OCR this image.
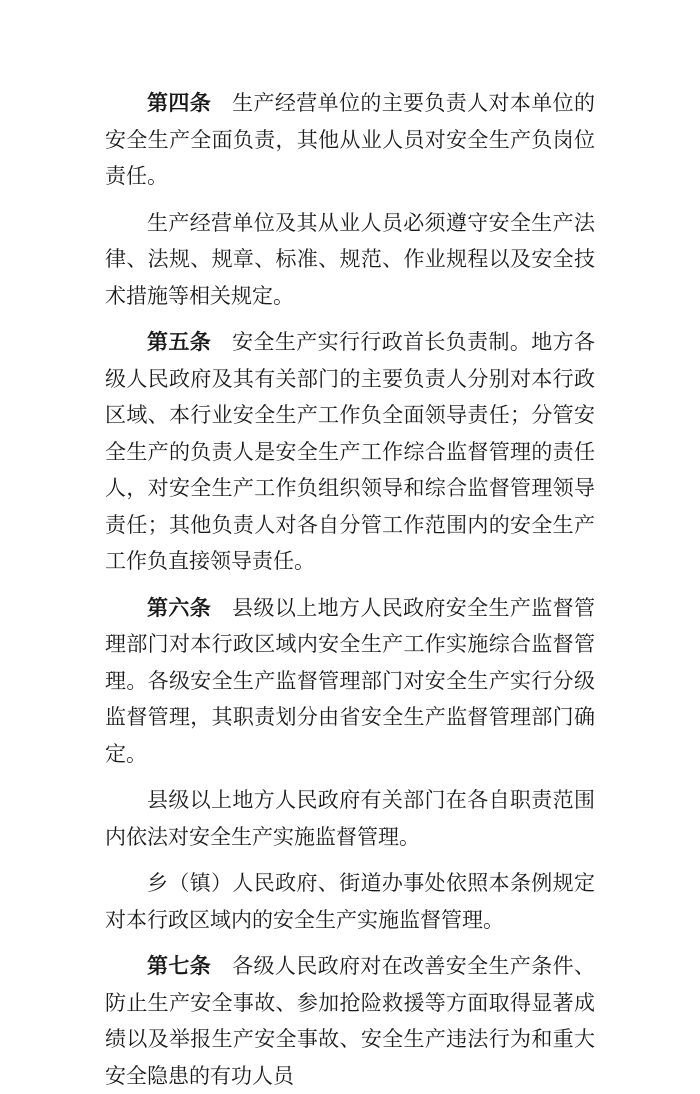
第四条 生产经营单位的主要负责人对本单位的安全生产全面负责，其他从业人员对安全生产负岗位责任。

生产经营单位及其从业人员必须遵守安全生产法律、法规、规章、标准、规范、作业规程以及安全技术措施等相关规定。

第五条 安全生产实行行政首长负责制。地方各级人民政府及其有关部门的主要负责人分别对本行政区域、本行业安全生产工作负全面领导责任；分管安全生产的负责人是安全生产工作综合监督管理的责任人，对安全生产工作负组织领导和综合监督管理领导责任；其他负责人对各自分管工作范围内的安全生产工作负直接领导责任。

第六条 县级以上地方人民政府安全生产监督管理部门对本行政区域内安全生产工作实施综合监督管理。各级安全生产监督管理部门对安全生产实行分级监督管理，其职责划分由省安全生产监督管理部门确定。

县级以上地方人民政府有关部门在各自职责范围内依法对安全生产实施监督管理。

乡（镇）人民政府、街道办事处依照本条例规定对本行政区域内的安全生产实施监督管理。

第七条 各级人民政府对在改善安全生产条件、防止生产安全事故、参加抢险救援等方面取得显著成绩以及举报生产安全事故、安全生产违法行为和重大安全隐患的有功人员
